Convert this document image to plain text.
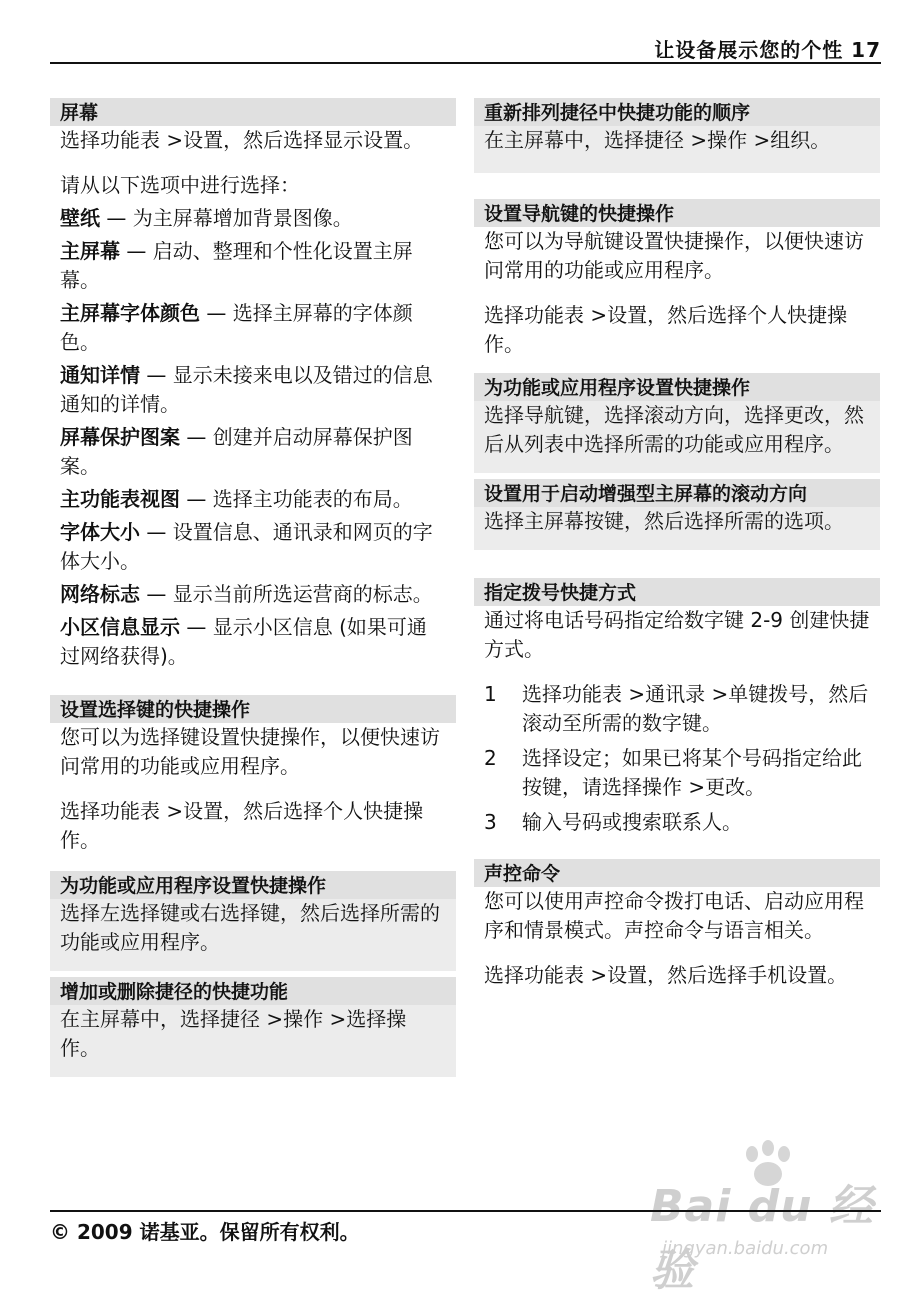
让设备展示您的个性 17
屏幕

选择功能表 >设置，然后选择显示设置。

请从以下选项中进行选择：

壁纸 — 为主屏幕增加背景图像。

主屏幕 — 启动、整理和个性化设置主屏幕。

主屏幕字体颜色 — 选择主屏幕的字体颜色。

通知详情 — 显示未接来电以及错过的信息通知的详情。

屏幕保护图案 — 创建并启动屏幕保护图案。

主功能表视图 — 选择主功能表的布局。

字体大小 — 设置信息、通讯录和网页的字体大小。

网络标志 — 显示当前所选运营商的标志。

小区信息显示 — 显示小区信息 (如果可通过网络获得)。

设置选择键的快捷操作

您可以为选择键设置快捷操作，以便快速访问常用的功能或应用程序。

选择功能表 >设置，然后选择个人快捷操作。

为功能或应用程序设置快捷操作

选择左选择键或右选择键，然后选择所需的功能或应用程序。

增加或删除捷径的快捷功能

在主屏幕中，选择捷径 >操作 >选择操作。

重新排列捷径中快捷功能的顺序

在主屏幕中，选择捷径 >操作 >组织。

设置导航键的快捷操作

您可以为导航键设置快捷操作，以便快速访问常用的功能或应用程序。

选择功能表 >设置，然后选择个人快捷操作。

为功能或应用程序设置快捷操作

选择导航键，选择滚动方向，选择更改，然后从列表中选择所需的功能或应用程序。

设置用于启动增强型主屏幕的滚动方向

选择主屏幕按键，然后选择所需的选项。

指定拨号快捷方式

通过将电话号码指定给数字键 2-9 创建快捷方式。

1 选择功能表 >通讯录 >单键拨号，然后滚动至所需的数字键。
2 选择设定；如果已将某个号码指定给此按键，请选择操作 >更改。
3 输入号码或搜索联系人。
声控命令

您可以使用声控命令拨打电话、启动应用程序和情景模式。声控命令与语言相关。

选择功能表 >设置，然后选择手机设置。

Bai du 经验
jingyan.baidu.com
© 2009 诺基亚。保留所有权利。
